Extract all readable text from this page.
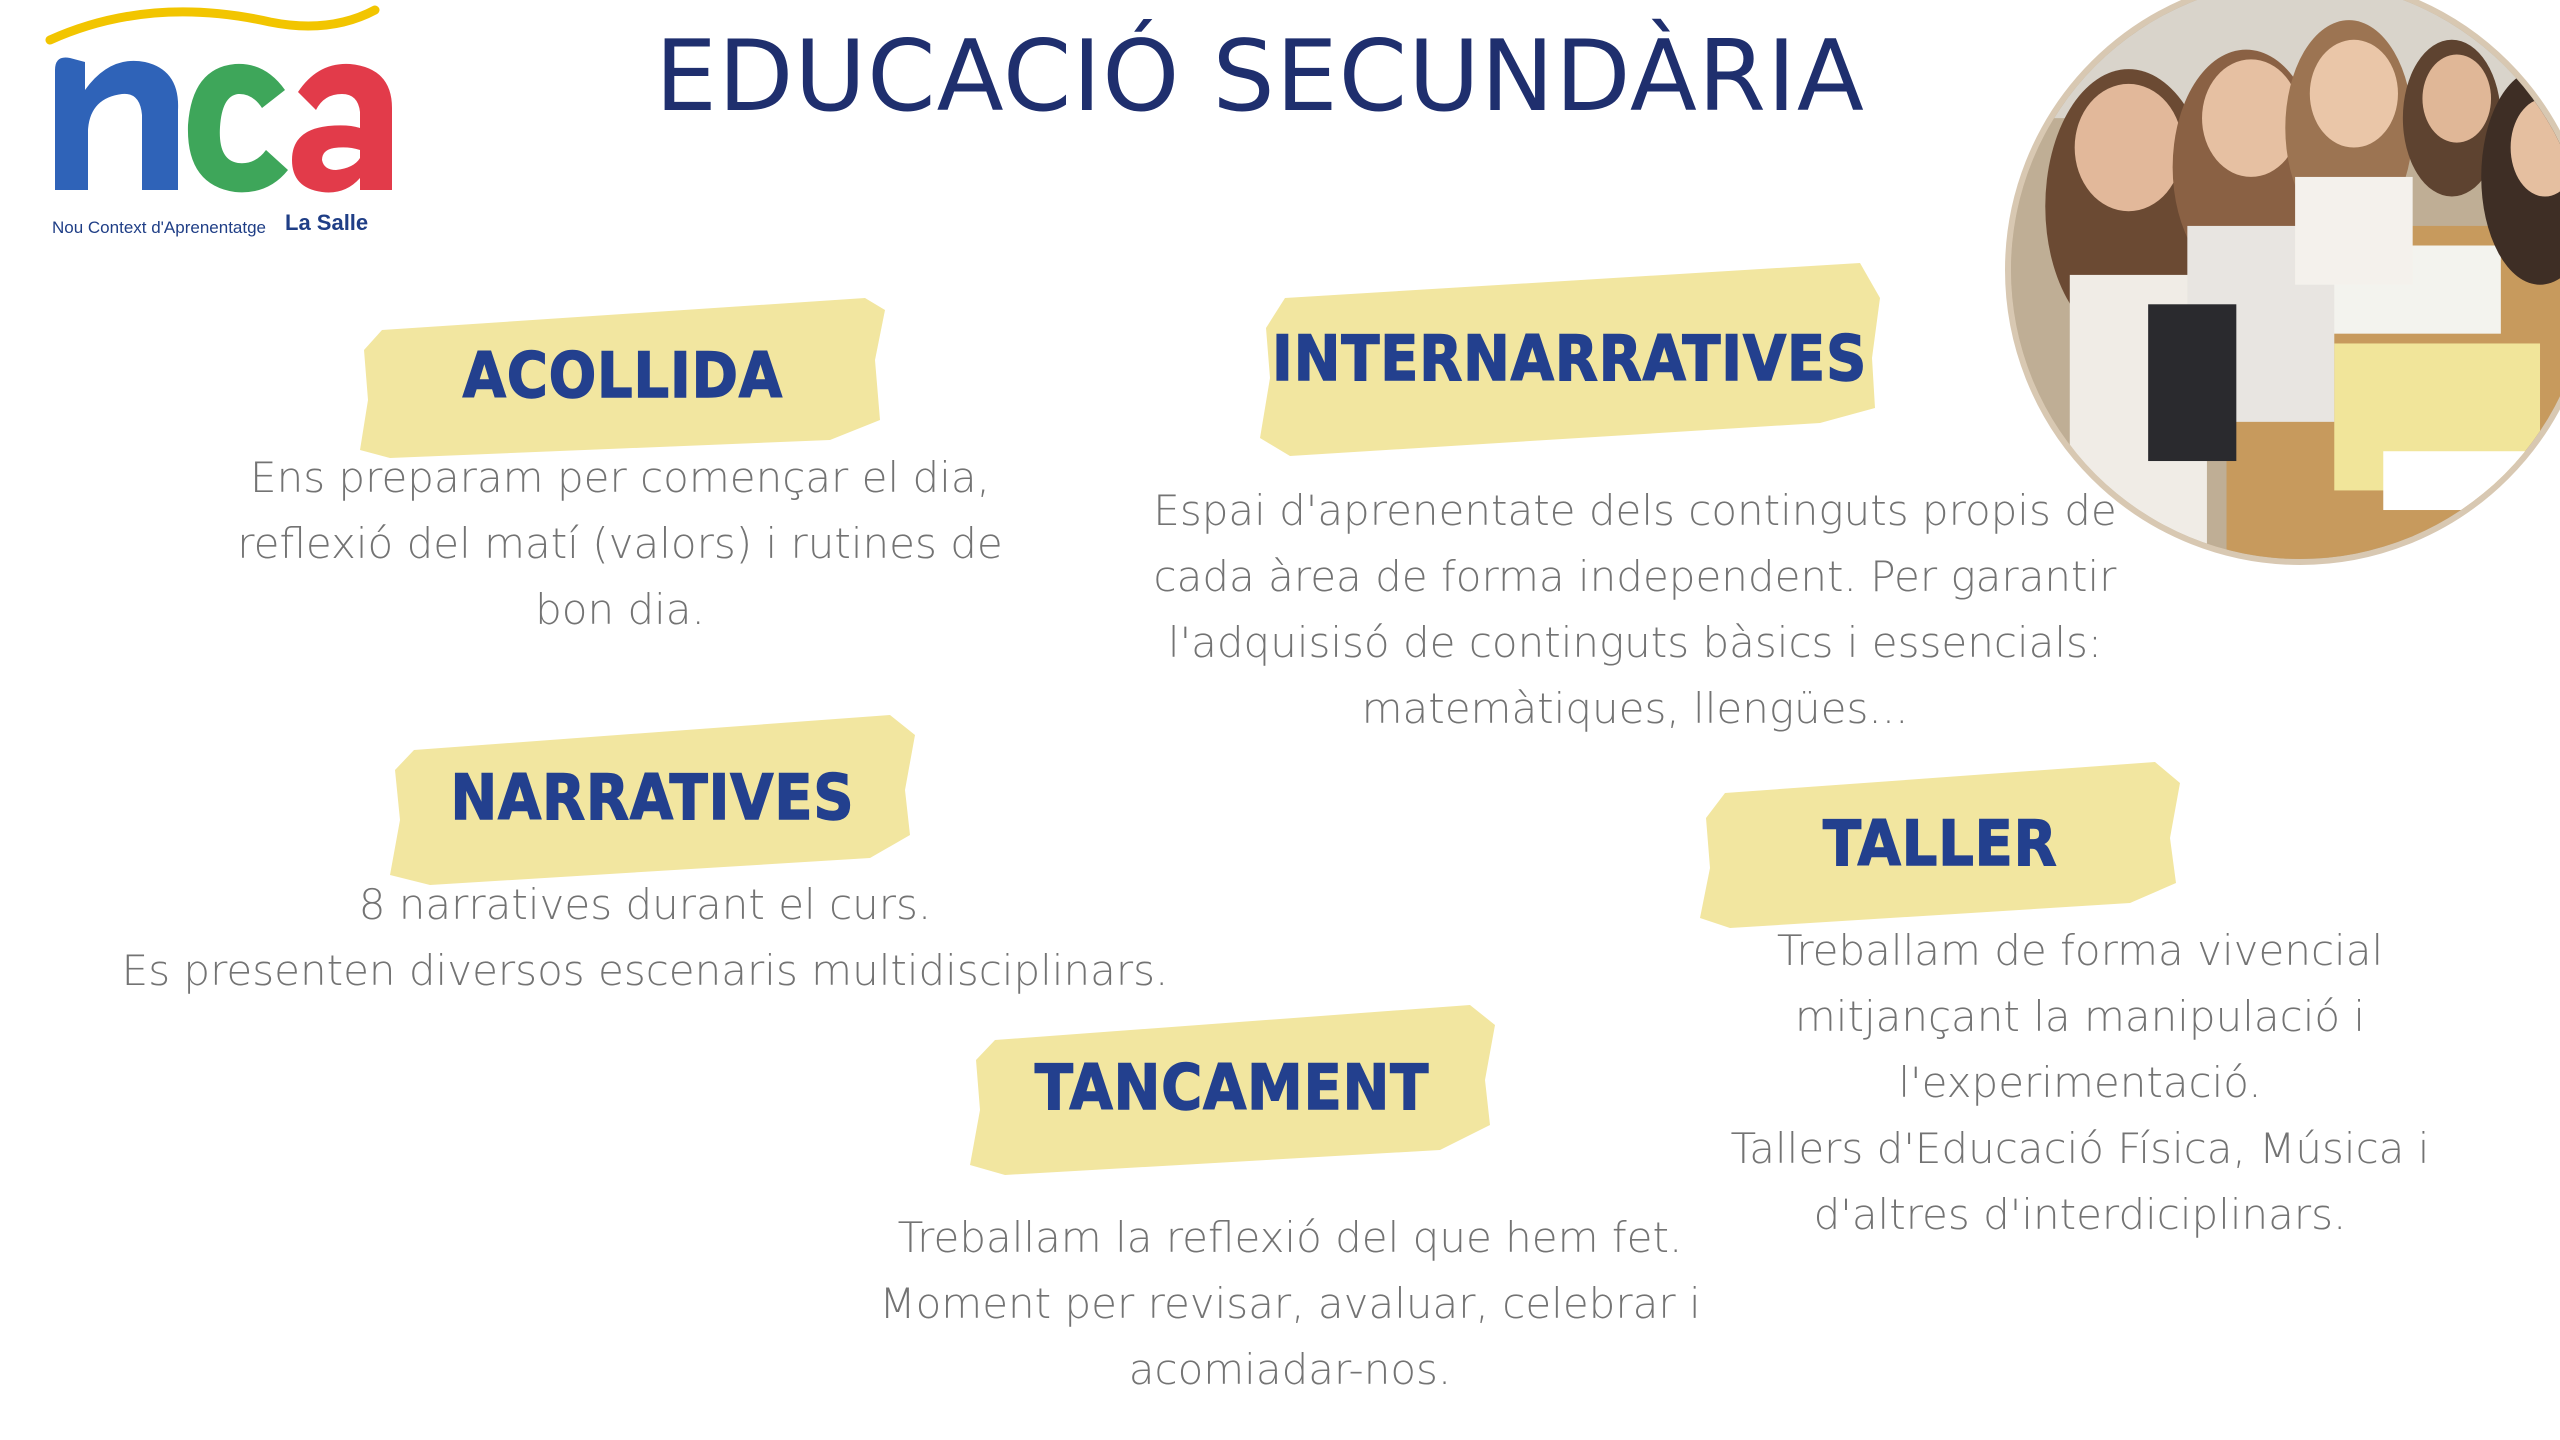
Nou Context d'Aprenentatge La Salle
EDUCACIÓ SECUNDÀRIA
ACOLLIDA
Ens preparam per començar el dia,
reflexió del matí (valors) i rutines de
bon dia.
INTERNARRATIVES
Espai d'aprenentate dels continguts propis de
cada àrea de forma independent. Per garantir
l'adquisisó de continguts bàsics i essencials:
matemàtiques, llengües...
NARRATIVES
8 narratives durant el curs.
Es presenten diversos escenaris multidisciplinars.
TALLER
Treballam de forma vivencial
mitjançant la manipulació i
l'experimentació.
Tallers d'Educació Física, Música i
d'altres d'interdiciplinars.
TANCAMENT
Treballam la reflexió del que hem fet.
Moment per revisar, avaluar, celebrar i
acomiadar-nos.
